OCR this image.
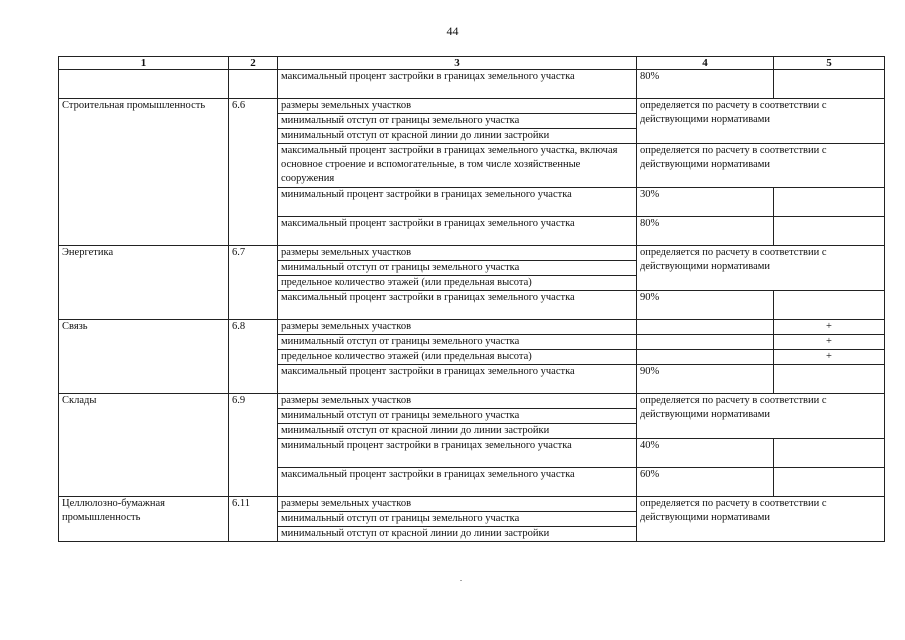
44
1	2	3	4	5
		максимальный процент застройки в границах земельного участка	80%	
Строительная промышленность	6.6	размеры земельных участков	определяется по расчету в соответствии с действующими нормативами	
		минимальный отступ от границы земельного участка		
		минимальный отступ от красной линии до линии застройки		
		максимальный процент застройки в границах земельного участка, включая основное строение и вспомогательные, в том числе хозяйственные сооружения	определяется по расчету в соответствии с действующими нормативами	
		минимальный процент застройки в границах земельного участка	30%	
		максимальный процент застройки в границах земельного участка	80%	
Энергетика	6.7	размеры земельных участков	определяется по расчету в соответствии с действующими нормативами	
		минимальный отступ от границы земельного участка		
		предельное количество этажей (или предельная высота)		
		максимальный процент застройки в границах земельного участка	90%	
Связь	6.8	размеры земельных участков		+
		минимальный отступ от границы земельного участка		+
		предельное количество этажей (или предельная высота)		+
		максимальный процент застройки в границах земельного участка	90%	
Склады	6.9	размеры земельных участков	определяется по расчету в соответствии с действующими нормативами	
		минимальный отступ от границы земельного участка		
		минимальный отступ от красной линии до линии застройки		
		минимальный процент застройки в границах земельного участка	40%	
		максимальный процент застройки в границах земельного участка	60%	
Целлюлозно-бумажная промышленность	6.11	размеры земельных участков	определяется по расчету в соответствии с действующими нормативами	
		минимальный отступ от границы земельного участка		
		минимальный отступ от красной линии до линии застройки		
.
